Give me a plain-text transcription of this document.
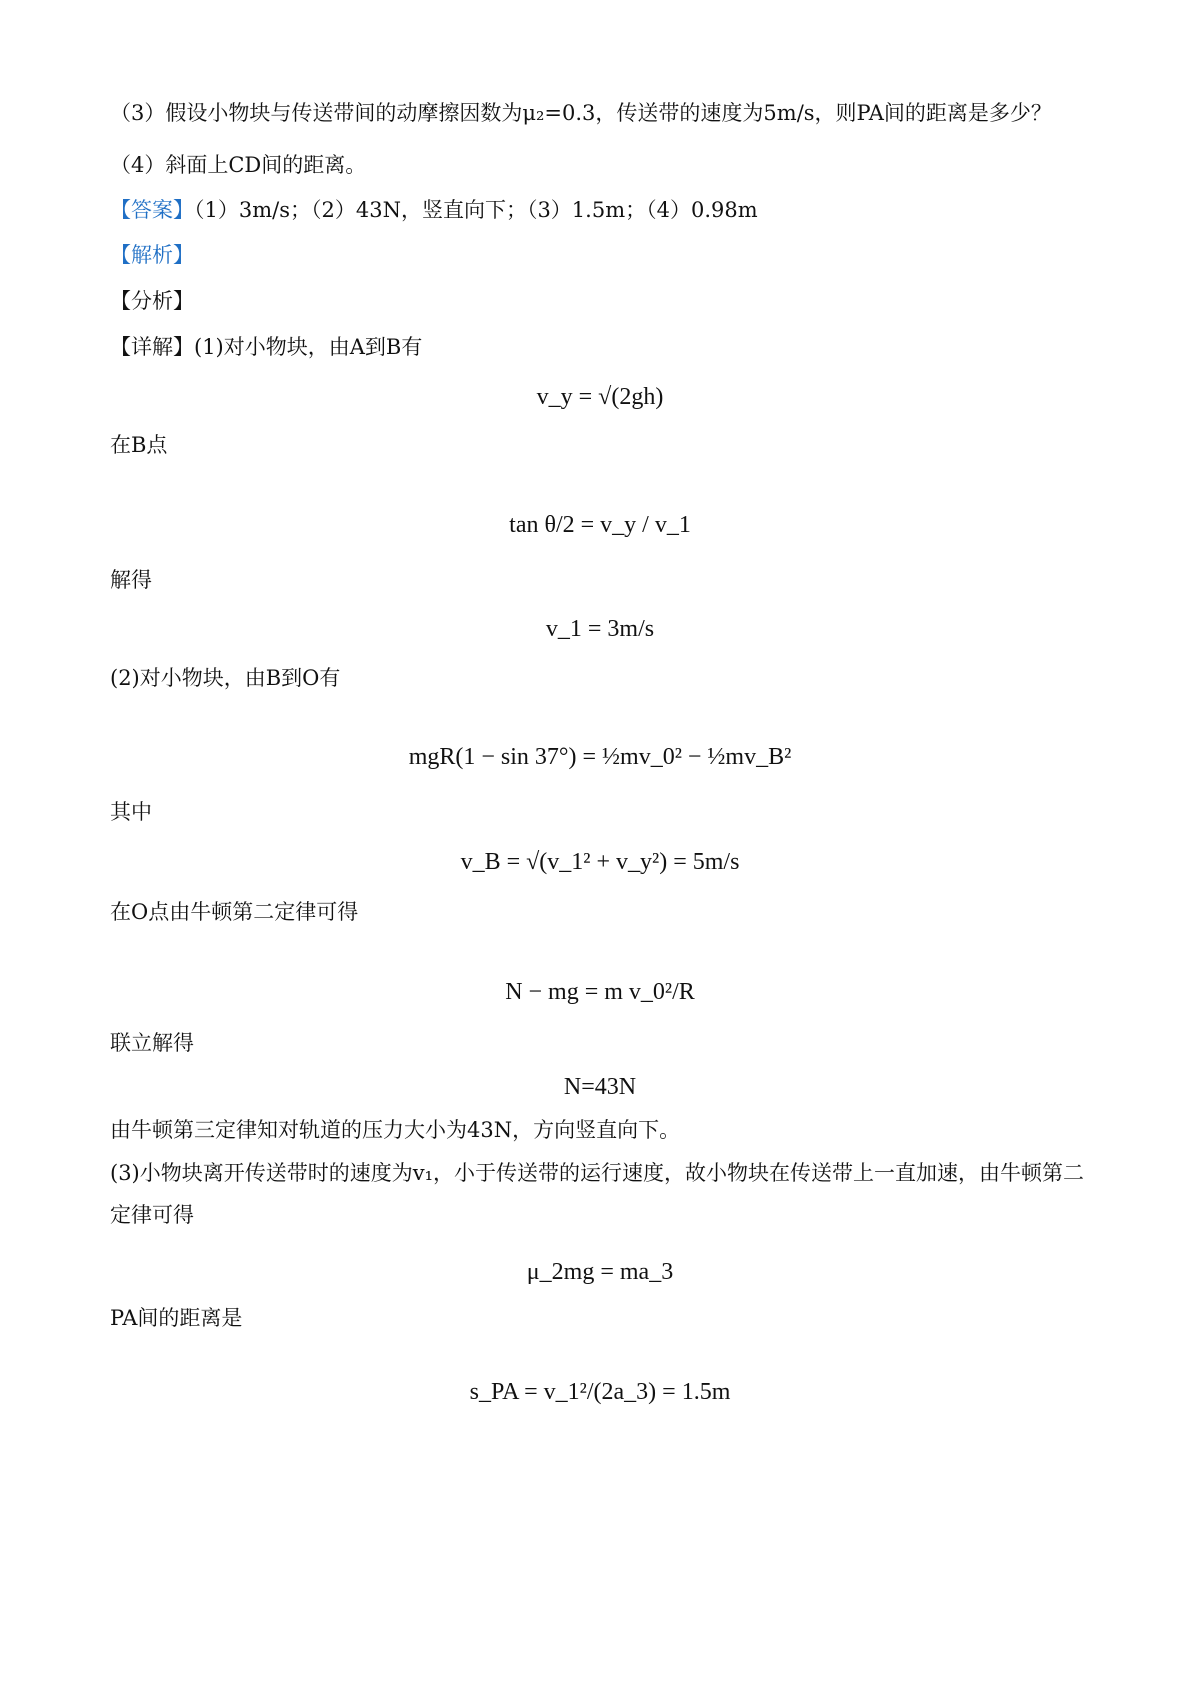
（3）假设小物块与传送带间的动摩擦因数为μ₂=0.3，传送带的速度为5m/s，则PA间的距离是多少？
（4）斜面上CD间的距离。
【答案】（1）3m/s；（2）43N，竖直向下；（3）1.5m；（4）0.98m
【解析】
【分析】
【详解】(1)对小物块，由A到B有
v_y = √(2gh)
在B点
tan θ/2 = v_y / v_1
解得
v_1 = 3m/s
(2)对小物块，由B到O有
mgR(1 − sin 37°) = ½mv_0² − ½mv_B²
其中
v_B = √(v_1² + v_y²) = 5m/s
在O点由牛顿第二定律可得
N − mg = m v_0²/R
联立解得
N=43N
由牛顿第三定律知对轨道的压力大小为43N，方向竖直向下。
(3)小物块离开传送带时的速度为v₁，小于传送带的运行速度，故小物块在传送带上一直加速，由牛顿第二
定律可得
μ_2mg = ma_3
PA间的距离是
s_PA = v_1²/(2a_3) = 1.5m
